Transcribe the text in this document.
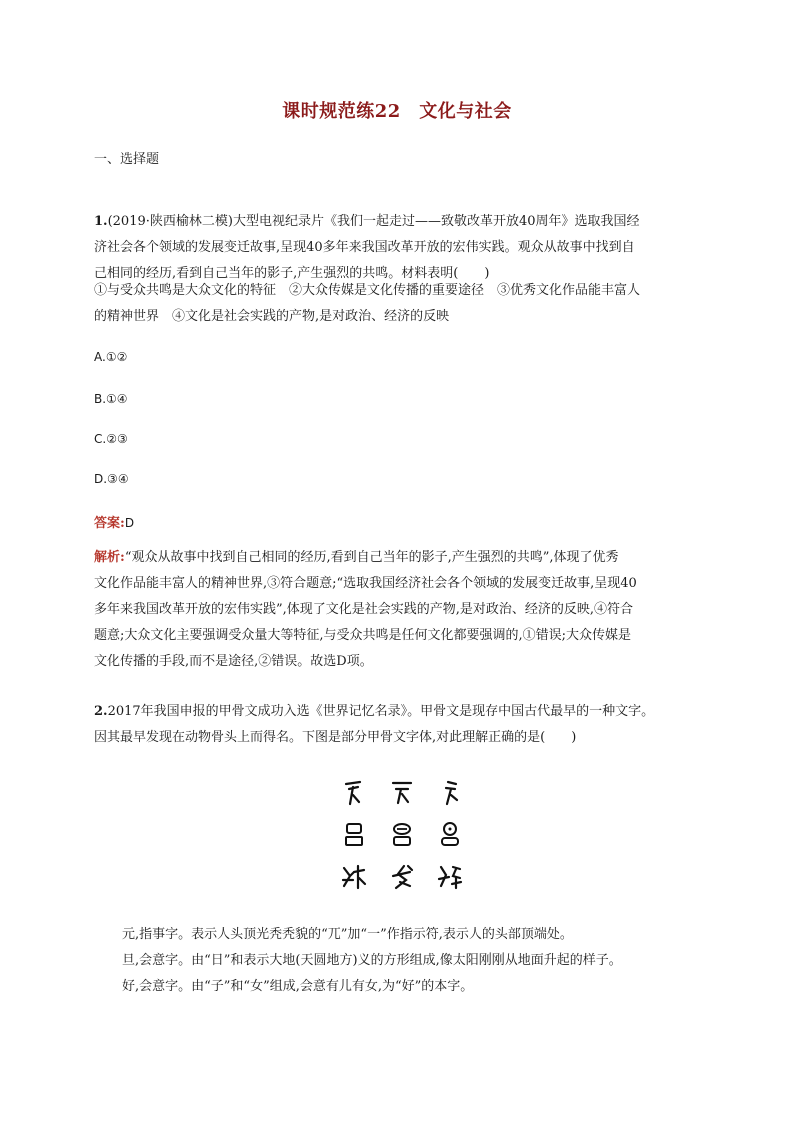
课时规范练22　文化与社会
一、选择题
1.(2019·陕西榆林二模)大型电视纪录片《我们一起走过——致敬改革开放40周年》选取我国经
济社会各个领域的发展变迁故事,呈现40多年来我国改革开放的宏伟实践。观众从故事中找到自
己相同的经历,看到自己当年的影子,产生强烈的共鸣。材料表明(　　)
①与受众共鸣是大众文化的特征　②大众传媒是文化传播的重要途径　③优秀文化作品能丰富人
的精神世界　④文化是社会实践的产物,是对政治、经济的反映
A.①②
B.①④
C.②③
D.③④
答案:D
解析:“观众从故事中找到自己相同的经历,看到自己当年的影子,产生强烈的共鸣”,体现了优秀
文化作品能丰富人的精神世界,③符合题意;“选取我国经济社会各个领域的发展变迁故事,呈现40
多年来我国改革开放的宏伟实践”,体现了文化是社会实践的产物,是对政治、经济的反映,④符合
题意;大众文化主要强调受众量大等特征,与受众共鸣是任何文化都要强调的,①错误;大众传媒是
文化传播的手段,而不是途径,②错误。故选D项。
2.2017年我国申报的甲骨文成功入选《世界记忆名录》。甲骨文是现存中国古代最早的一种文字。
因其最早发现在动物骨头上而得名。下图是部分甲骨文字体,对此理解正确的是(　　)
元,指事字。表示人头顶光秃秃貌的“兀”加“一”作指示符,表示人的头部顶端处。
旦,会意字。由“日”和表示大地(天圆地方)义的方形组成,像太阳刚刚从地面升起的样子。
好,会意字。由“子”和“女”组成,会意有儿有女,为“好”的本字。
